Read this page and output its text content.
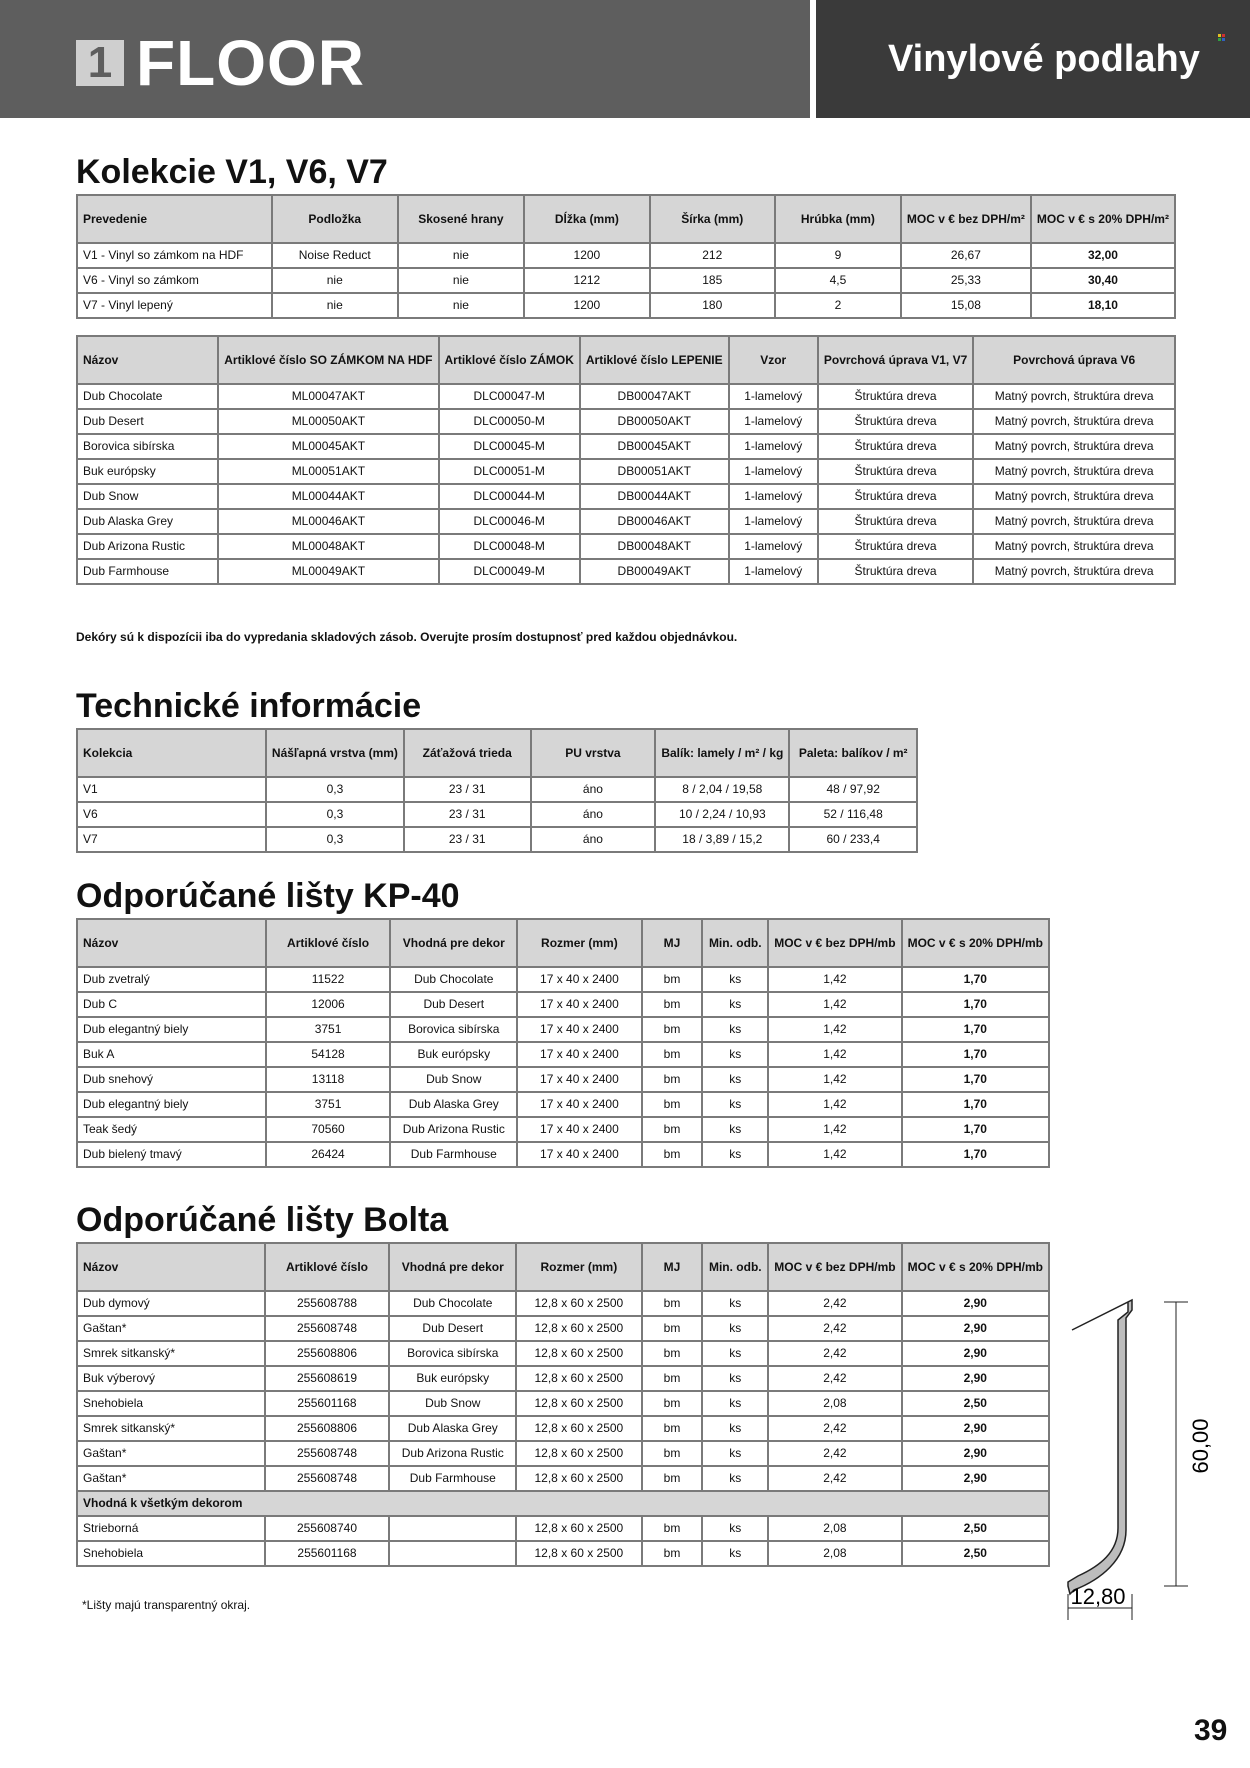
1 FLOOR	Vinylové podlahy
Kolekcie V1, V6, V7
Prevedenie	Podložka	Skosené hrany	Dĺžka (mm)	Šírka (mm)	Hrúbka (mm)	MOC v € bez DPH/m²	MOC v € s 20% DPH/m²
V1 - Vinyl so zámkom na HDF	Noise Reduct	nie	1200	212	9	26,67	32,00
V6 - Vinyl so zámkom	nie	nie	1212	185	4,5	25,33	30,40
V7 - Vinyl lepený	nie	nie	1200	180	2	15,08	18,10
Názov	Artiklové číslo SO ZÁMKOM NA HDF	Artiklové číslo ZÁMOK	Artiklové číslo LEPENIE	Vzor	Povrchová úprava V1, V7	Povrchová úprava V6
Dub Chocolate	ML00047AKT	DLC00047-M	DB00047AKT	1-lamelový	Štruktúra dreva	Matný povrch, štruktúra dreva
Dub Desert	ML00050AKT	DLC00050-M	DB00050AKT	1-lamelový	Štruktúra dreva	Matný povrch, štruktúra dreva
Borovica sibírska	ML00045AKT	DLC00045-M	DB00045AKT	1-lamelový	Štruktúra dreva	Matný povrch, štruktúra dreva
Buk európsky	ML00051AKT	DLC00051-M	DB00051AKT	1-lamelový	Štruktúra dreva	Matný povrch, štruktúra dreva
Dub Snow	ML00044AKT	DLC00044-M	DB00044AKT	1-lamelový	Štruktúra dreva	Matný povrch, štruktúra dreva
Dub Alaska Grey	ML00046AKT	DLC00046-M	DB00046AKT	1-lamelový	Štruktúra dreva	Matný povrch, štruktúra dreva
Dub Arizona Rustic	ML00048AKT	DLC00048-M	DB00048AKT	1-lamelový	Štruktúra dreva	Matný povrch, štruktúra dreva
Dub Farmhouse	ML00049AKT	DLC00049-M	DB00049AKT	1-lamelový	Štruktúra dreva	Matný povrch, štruktúra dreva
Dekóry sú k dispozícii iba do vypredania skladových zásob. Overujte prosím dostupnosť pred každou objednávkou.
Technické informácie
Kolekcia	Nášľapná vrstva (mm)	Záťažová trieda	PU vrstva	Balík: lamely / m² / kg	Paleta: balíkov / m²
V1	0,3	23 / 31	áno	8 / 2,04 / 19,58	48 / 97,92
V6	0,3	23 / 31	áno	10 / 2,24 / 10,93	52 / 116,48
V7	0,3	23 / 31	áno	18 / 3,89 / 15,2	60 / 233,4
Odporúčané lišty KP-40
Názov	Artiklové číslo	Vhodná pre dekor	Rozmer (mm)	MJ	Min. odb.	MOC v € bez DPH/mb	MOC v € s 20% DPH/mb
Dub zvetralý	11522	Dub Chocolate	17 x 40 x 2400	bm	ks	1,42	1,70
Dub C	12006	Dub Desert	17 x 40 x 2400	bm	ks	1,42	1,70
Dub elegantný biely	3751	Borovica sibírska	17 x 40 x 2400	bm	ks	1,42	1,70
Buk A	54128	Buk európsky	17 x 40 x 2400	bm	ks	1,42	1,70
Dub snehový	13118	Dub Snow	17 x 40 x 2400	bm	ks	1,42	1,70
Dub elegantný biely	3751	Dub Alaska Grey	17 x 40 x 2400	bm	ks	1,42	1,70
Teak šedý	70560	Dub Arizona Rustic	17 x 40 x 2400	bm	ks	1,42	1,70
Dub bielený tmavý	26424	Dub Farmhouse	17 x 40 x 2400	bm	ks	1,42	1,70
Odporúčané lišty Bolta
Názov	Artiklové číslo	Vhodná pre dekor	Rozmer (mm)	MJ	Min. odb.	MOC v € bez DPH/mb	MOC v € s 20% DPH/mb
Dub dymový	255608788	Dub Chocolate	12,8 x 60 x 2500	bm	ks	2,42	2,90
Gaštan*	255608748	Dub Desert	12,8 x 60 x 2500	bm	ks	2,42	2,90
Smrek sitkanský*	255608806	Borovica sibírska	12,8 x 60 x 2500	bm	ks	2,42	2,90
Buk výberový	255608619	Buk európsky	12,8 x 60 x 2500	bm	ks	2,42	2,90
Snehobiela	255601168	Dub Snow	12,8 x 60 x 2500	bm	ks	2,08	2,50
Smrek sitkanský*	255608806	Dub Alaska Grey	12,8 x 60 x 2500	bm	ks	2,42	2,90
Gaštan*	255608748	Dub Arizona Rustic	12,8 x 60 x 2500	bm	ks	2,42	2,90
Gaštan*	255608748	Dub Farmhouse	12,8 x 60 x 2500	bm	ks	2,42	2,90
Vhodná k všetkým dekorom							
Strieborná	255608740		12,8 x 60 x 2500	bm	ks	2,08	2,50
Snehobiela	255601168		12,8 x 60 x 2500	bm	ks	2,08	2,50
*Lišty majú transparentný okraj.
60,00
12,80
39
